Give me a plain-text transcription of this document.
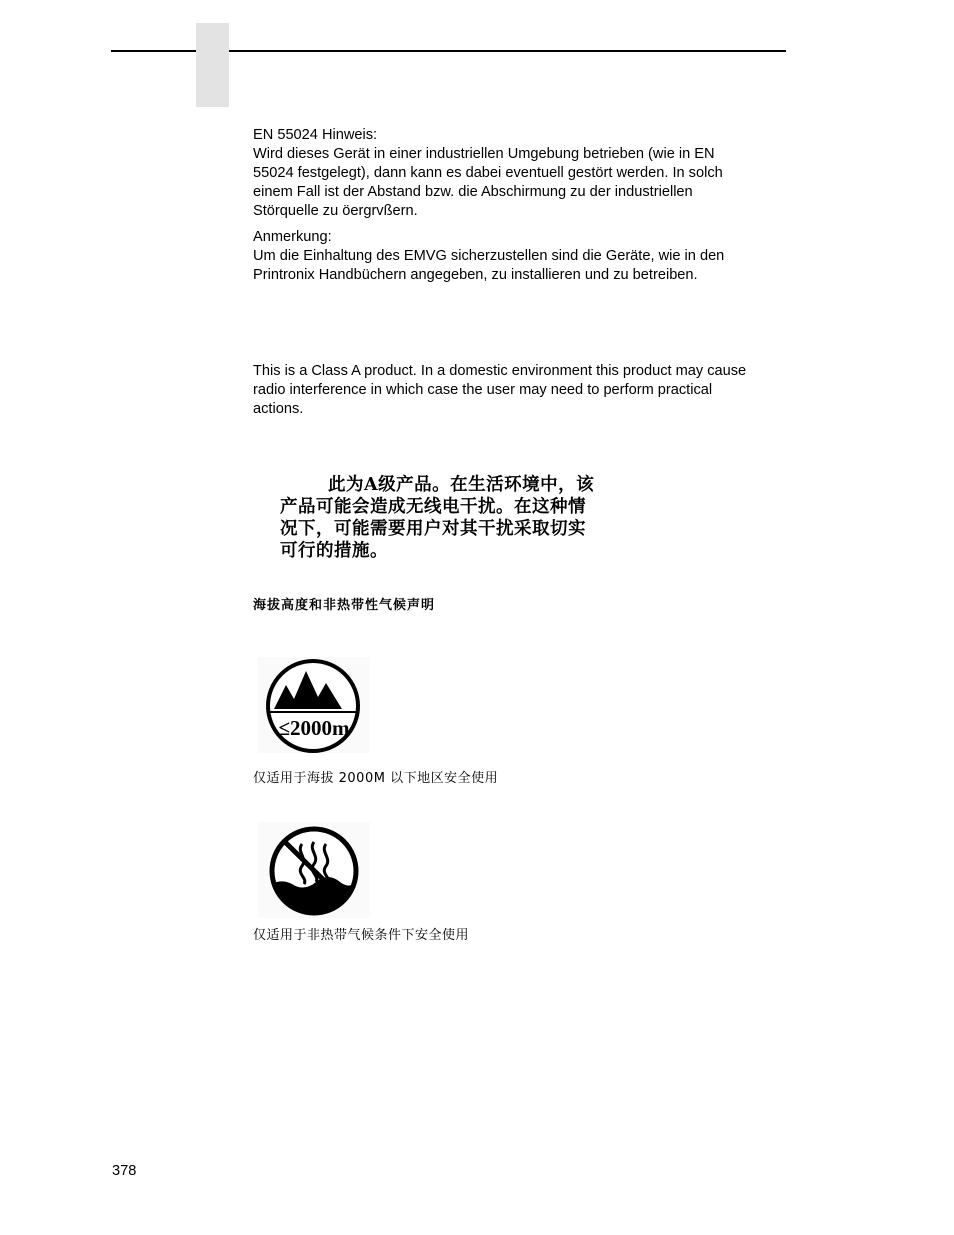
EN 55024 Hinweis:

Wird dieses Gerät in einer industriellen Umgebung betrieben (wie in EN
55024 festgelegt), dann kann es dabei eventuell gestört werden. In solch
einem Fall ist der Abstand bzw. die Abschirmung zu der industriellen
Störquelle zu öergrvßern.

Anmerkung:

Um die Einhaltung des EMVG sicherzustellen sind die Geräte, wie in den
Printronix Handbüchern angegeben, zu installieren und zu betreiben.

This is a Class A product. In a domestic environment this product may cause
radio interference in which case the user may need to perform practical
actions.
此为A级产品。在生活环境中，该
产品可能会造成无线电干扰。在这种情
况下，可能需要用户对其干扰采取切实
可行的措施。
海拔高度和非热带性气候声明
≤2000m
仅适用于海拔 2000M 以下地区安全使用
仅适用于非热带气候条件下安全使用
378
